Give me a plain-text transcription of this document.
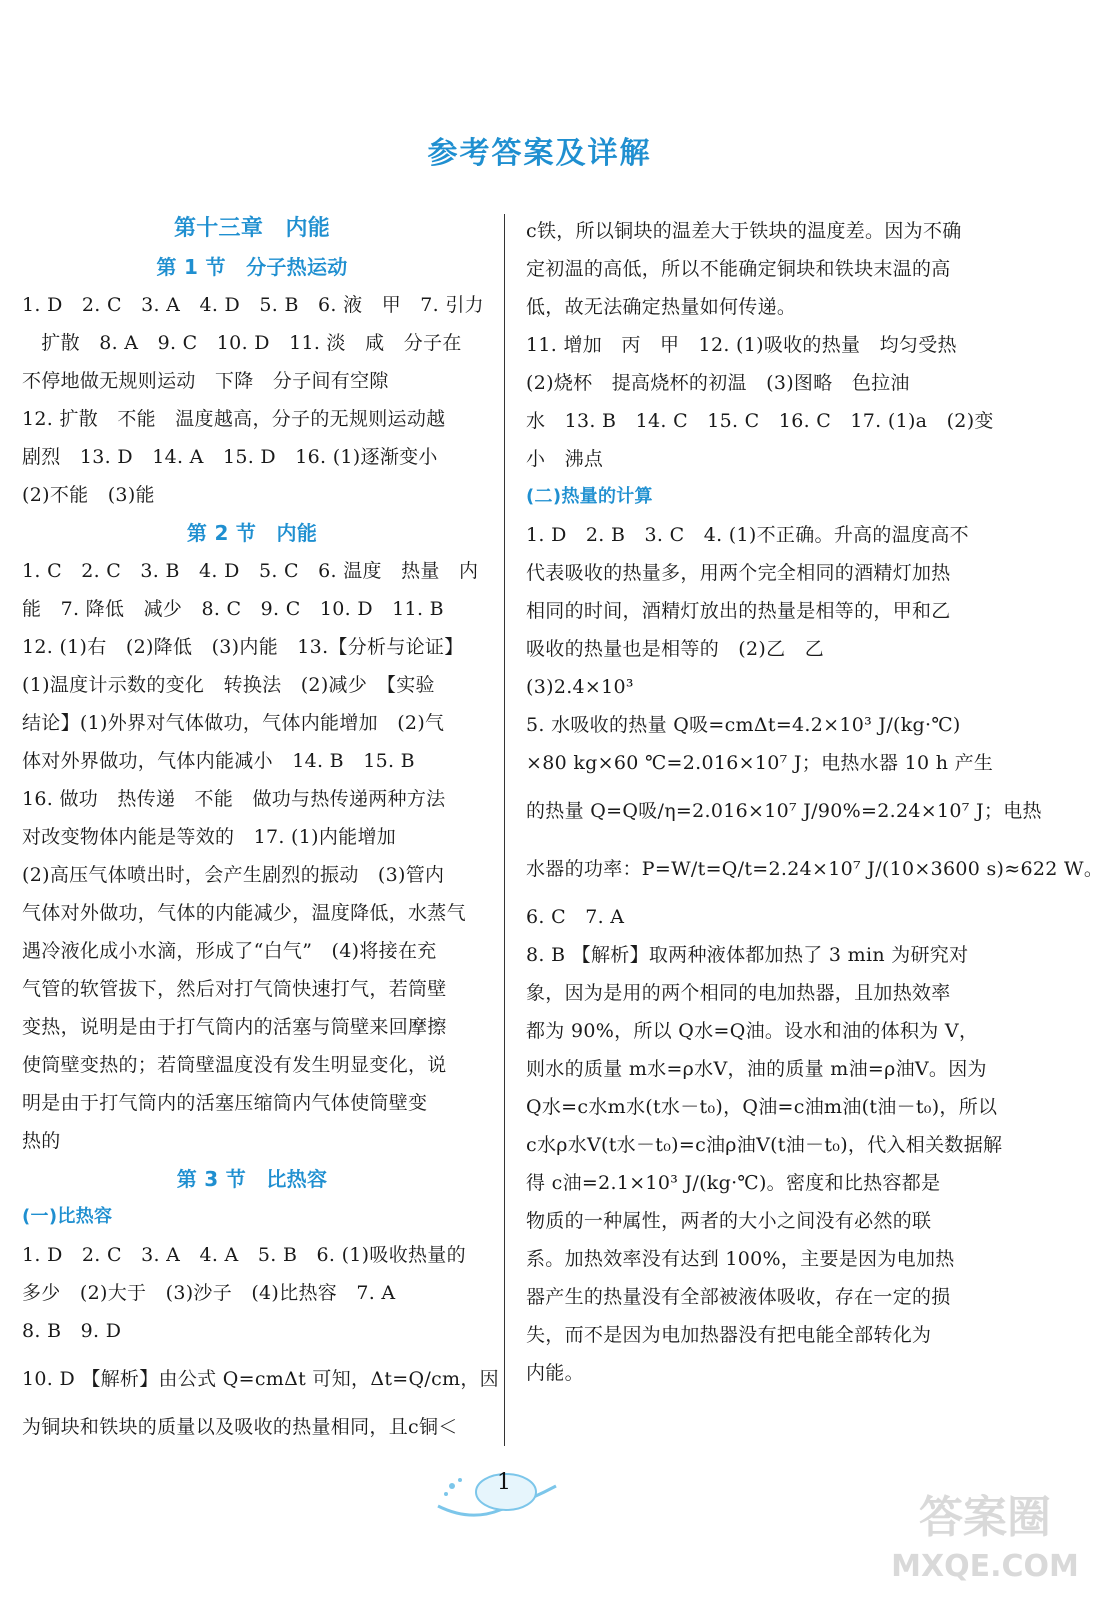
参考答案及详解
第十三章　内能
第 1 节　分子热运动
1. D　2. C　3. A　4. D　5. B　6. 液　甲　7. 引力
　扩散　8. A　9. C　10. D　11. 淡　咸　分子在
不停地做无规则运动　下降　分子间有空隙
12. 扩散　不能　温度越高，分子的无规则运动越
剧烈　13. D　14. A　15. D　16. (1)逐渐变小
(2)不能　(3)能
第 2 节　内能
1. C　2. C　3. B　4. D　5. C　6. 温度　热量　内
能　7. 降低　减少　8. C　9. C　10. D　11. B
12. (1)右　(2)降低　(3)内能　13.【分析与论证】
(1)温度计示数的变化　转换法　(2)减少　【实验
结论】(1)外界对气体做功，气体内能增加　(2)气
体对外界做功，气体内能减小　14. B　15. B
16. 做功　热传递　不能　做功与热传递两种方法
对改变物体内能是等效的　17. (1)内能增加
(2)高压气体喷出时，会产生剧烈的振动　(3)管内
气体对外做功，气体的内能减少，温度降低，水蒸气
遇冷液化成小水滴，形成了“白气”　(4)将接在充
气管的软管拔下，然后对打气筒快速打气，若筒壁
变热，说明是由于打气筒内的活塞与筒壁来回摩擦
使筒壁变热的；若筒壁温度没有发生明显变化，说
明是由于打气筒内的活塞压缩筒内气体使筒壁变
热的
第 3 节　比热容
(一)比热容
1. D　2. C　3. A　4. A　5. B　6. (1)吸收热量的
多少　(2)大于　(3)沙子　(4)比热容　7. A
8. B　9. D
10. D 【解析】由公式 Q=cmΔt 可知，Δt=Q/cm，因
为铜块和铁块的质量以及吸收的热量相同，且c铜＜
c铁，所以铜块的温差大于铁块的温度差。因为不确
定初温的高低，所以不能确定铜块和铁块末温的高
低，故无法确定热量如何传递。
11. 增加　丙　甲　12. (1)吸收的热量　均匀受热
(2)烧杯　提高烧杯的初温　(3)图略　色拉油
水　13. B　14. C　15. C　16. C　17. (1)a　(2)变
小　沸点
(二)热量的计算
1. D　2. B　3. C　4. (1)不正确。升高的温度高不
代表吸收的热量多，用两个完全相同的酒精灯加热
相同的时间，酒精灯放出的热量是相等的，甲和乙
吸收的热量也是相等的　(2)乙　乙
(3)2.4×10³
5. 水吸收的热量 Q吸=cmΔt=4.2×10³ J/(kg·℃)
×80 kg×60 ℃=2.016×10⁷ J；电热水器 10 h 产生
的热量 Q=Q吸/η=2.016×10⁷ J/90%=2.24×10⁷ J；电热
水器的功率：P=W/t=Q/t=2.24×10⁷ J/(10×3600 s)≈622 W。
6. C　7. A
8. B 【解析】取两种液体都加热了 3 min 为研究对
象，因为是用的两个相同的电加热器，且加热效率
都为 90%，所以 Q水=Q油。设水和油的体积为 V，
则水的质量 m水=ρ水V，油的质量 m油=ρ油V。因为
Q水=c水m水(t水－t₀)，Q油=c油m油(t油－t₀)，所以
c水ρ水V(t水－t₀)=c油ρ油V(t油－t₀)，代入相关数据解
得 c油=2.1×10³ J/(kg·℃)。密度和比热容都是
物质的一种属性，两者的大小之间没有必然的联
系。加热效率没有达到 100%，主要是因为电加热
器产生的热量没有全部被液体吸收，存在一定的损
失，而不是因为电加热器没有把电能全部转化为
内能。
1
答案圈
MXQE.COM
